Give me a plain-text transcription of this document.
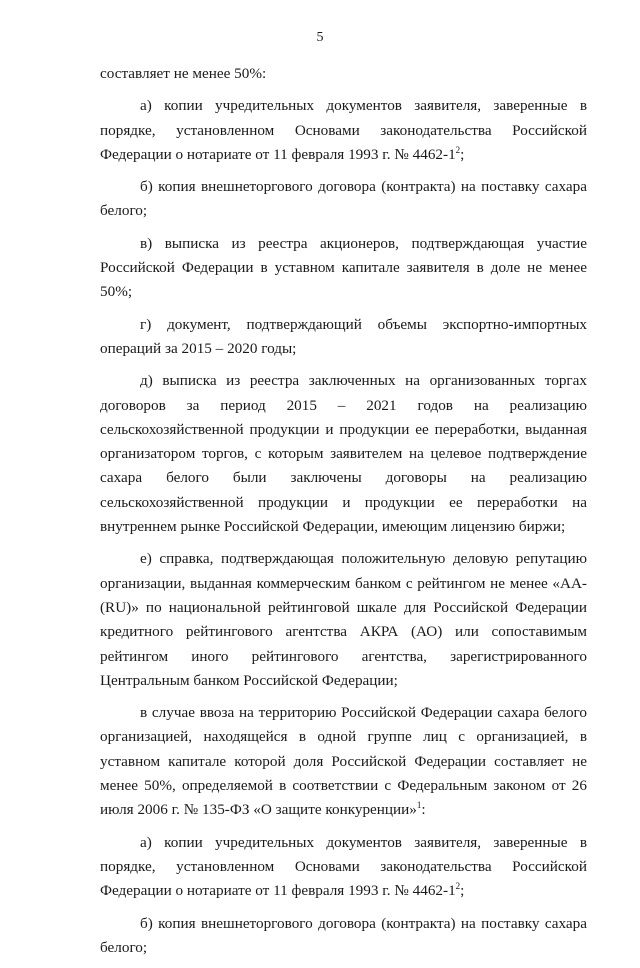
5

составляет не менее 50%:

а) копии учредительных документов заявителя, заверенные в порядке, установленном Основами законодательства Российской Федерации о нотариате от 11 февраля 1993 г. № $4462-1^2$;

б) копия внешнеторгового договора (контракта) на поставку сахара белого;

в) выписка из реестра акционеров, подтверждающая участие Российской Федерации в уставном капитале заявителя в доле не менее 50%;

г) документ, подтверждающий объемы экспортно-импортных операций за 2015 – 2020 годы;

д) выписка из реестра заключенных на организованных торгах договоров за период 2015 – 2021 годов на реализацию сельскохозяйственной продукции и продукции ее переработки, выданная организатором торгов, с которым заявителем на целевое подтверждение сахара белого были заключены договоры на реализацию сельскохозяйственной продукции и продукции ее переработки на внутреннем рынке Российской Федерации, имеющим лицензию биржи;

е) справка, подтверждающая положительную деловую репутацию организации, выданная коммерческим банком с рейтингом не менее «AA-(RU)» по национальной рейтинговой шкале для Российской Федерации кредитного рейтингового агентства АКРА (АО) или сопоставимым рейтингом иного рейтингового агентства, зарегистрированного Центральным банком Российской Федерации;

в случае ввоза на территорию Российской Федерации сахара белого организацией, находящейся в одной группе лиц с организацией, в уставном капитале которой доля Российской Федерации составляет не менее 50%, определяемой в соответствии с Федеральным законом от 26 июля 2006 г. № 135-ФЗ «О защите конкуренции»$^1$:

а) копии учредительных документов заявителя, заверенные в порядке, установленном Основами законодательства Российской Федерации о нотариате от 11 февраля 1993 г. № $4462-1^2$;

б) копия внешнеторгового договора (контракта) на поставку сахара белого;
